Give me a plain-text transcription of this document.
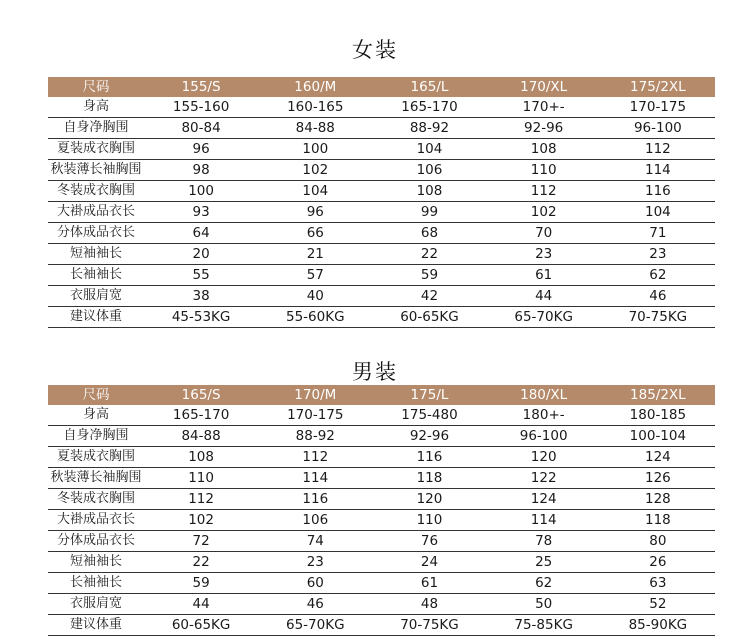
女装
尺码	155/S	160/M	165/L	170/XL	175/2XL
身高	155-160	160-165	165-170	170+-	170-175
自身净胸围	80-84	84-88	88-92	92-96	96-100
夏装成衣胸围	96	100	104	108	112
秋装薄长袖胸围	98	102	106	110	114
冬装成衣胸围	100	104	108	112	116
大褂成品衣长	93	96	99	102	104
分体成品衣长	64	66	68	70	71
短袖袖长	20	21	22	23	23
长袖袖长	55	57	59	61	62
衣服肩宽	38	40	42	44	46
建议体重	45-53KG	55-60KG	60-65KG	65-70KG	70-75KG
男装
尺码	165/S	170/M	175/L	180/XL	185/2XL
身高	165-170	170-175	175-480	180+-	180-185
自身净胸围	84-88	88-92	92-96	96-100	100-104
夏装成衣胸围	108	112	116	120	124
秋装薄长袖胸围	110	114	118	122	126
冬装成衣胸围	112	116	120	124	128
大褂成品衣长	102	106	110	114	118
分体成品衣长	72	74	76	78	80
短袖袖长	22	23	24	25	26
长袖袖长	59	60	61	62	63
衣服肩宽	44	46	48	50	52
建议体重	60-65KG	65-70KG	70-75KG	75-85KG	85-90KG
